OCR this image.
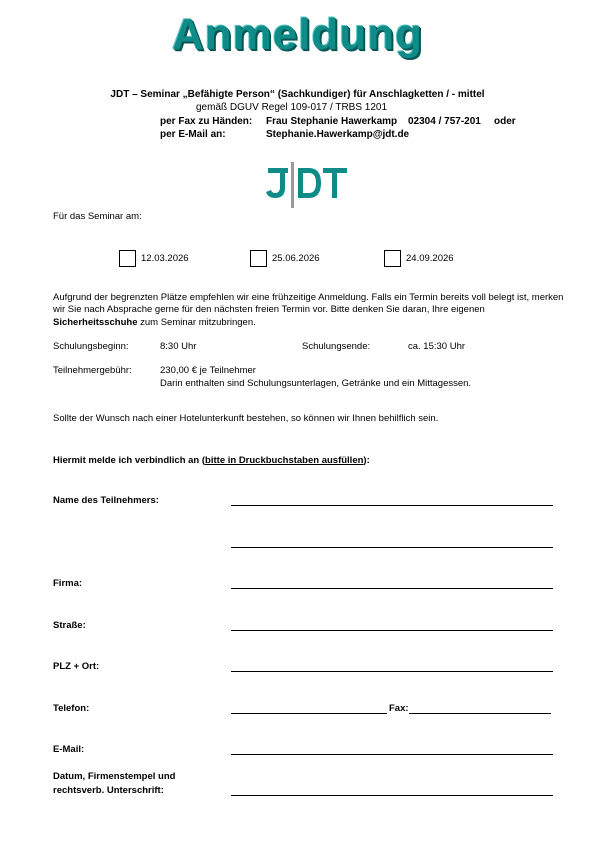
Anmeldung
JDT – Seminar „Befähigte Person“ (Sachkundiger) für Anschlagketten / - mittel
gemäß DGUV Regel 109-017 / TRBS 1201
per Fax zu Händen: Frau Stephanie Hawerkamp 02304 / 757-201 oder
per E-Mail an:	Stephanie.Hawerkamp@jdt.de
Für das Seminar am:
12.03.2026	25.06.2026	24.09.2026
Aufgrund der begrenzten Plätze empfehlen wir eine frühzeitige Anmeldung. Falls ein Termin bereits voll belegt ist, merken
wir Sie nach Absprache gerne für den nächsten freien Termin vor. Bitte denken Sie daran, Ihre eigenen
Sicherheitsschuhe zum Seminar mitzubringen.
Schulungsbeginn:	8:30 Uhr	Schulungsende:	ca. 15:30 Uhr
Teilnehmergebühr:	230,00 € je Teilnehmer
Darin enthalten sind Schulungsunterlagen, Getränke und ein Mittagessen.
Sollte der Wunsch nach einer Hotelunterkunft bestehen, so können wir Ihnen behilflich sein.
Hiermit melde ich verbindlich an (bitte in Druckbuchstaben ausfüllen):
Name des Teilnehmers:
Firma:
Straße:
PLZ + Ort:
Telefon:	Fax:
E-Mail:
Datum, Firmenstempel und
rechtsverb. Unterschrift:
